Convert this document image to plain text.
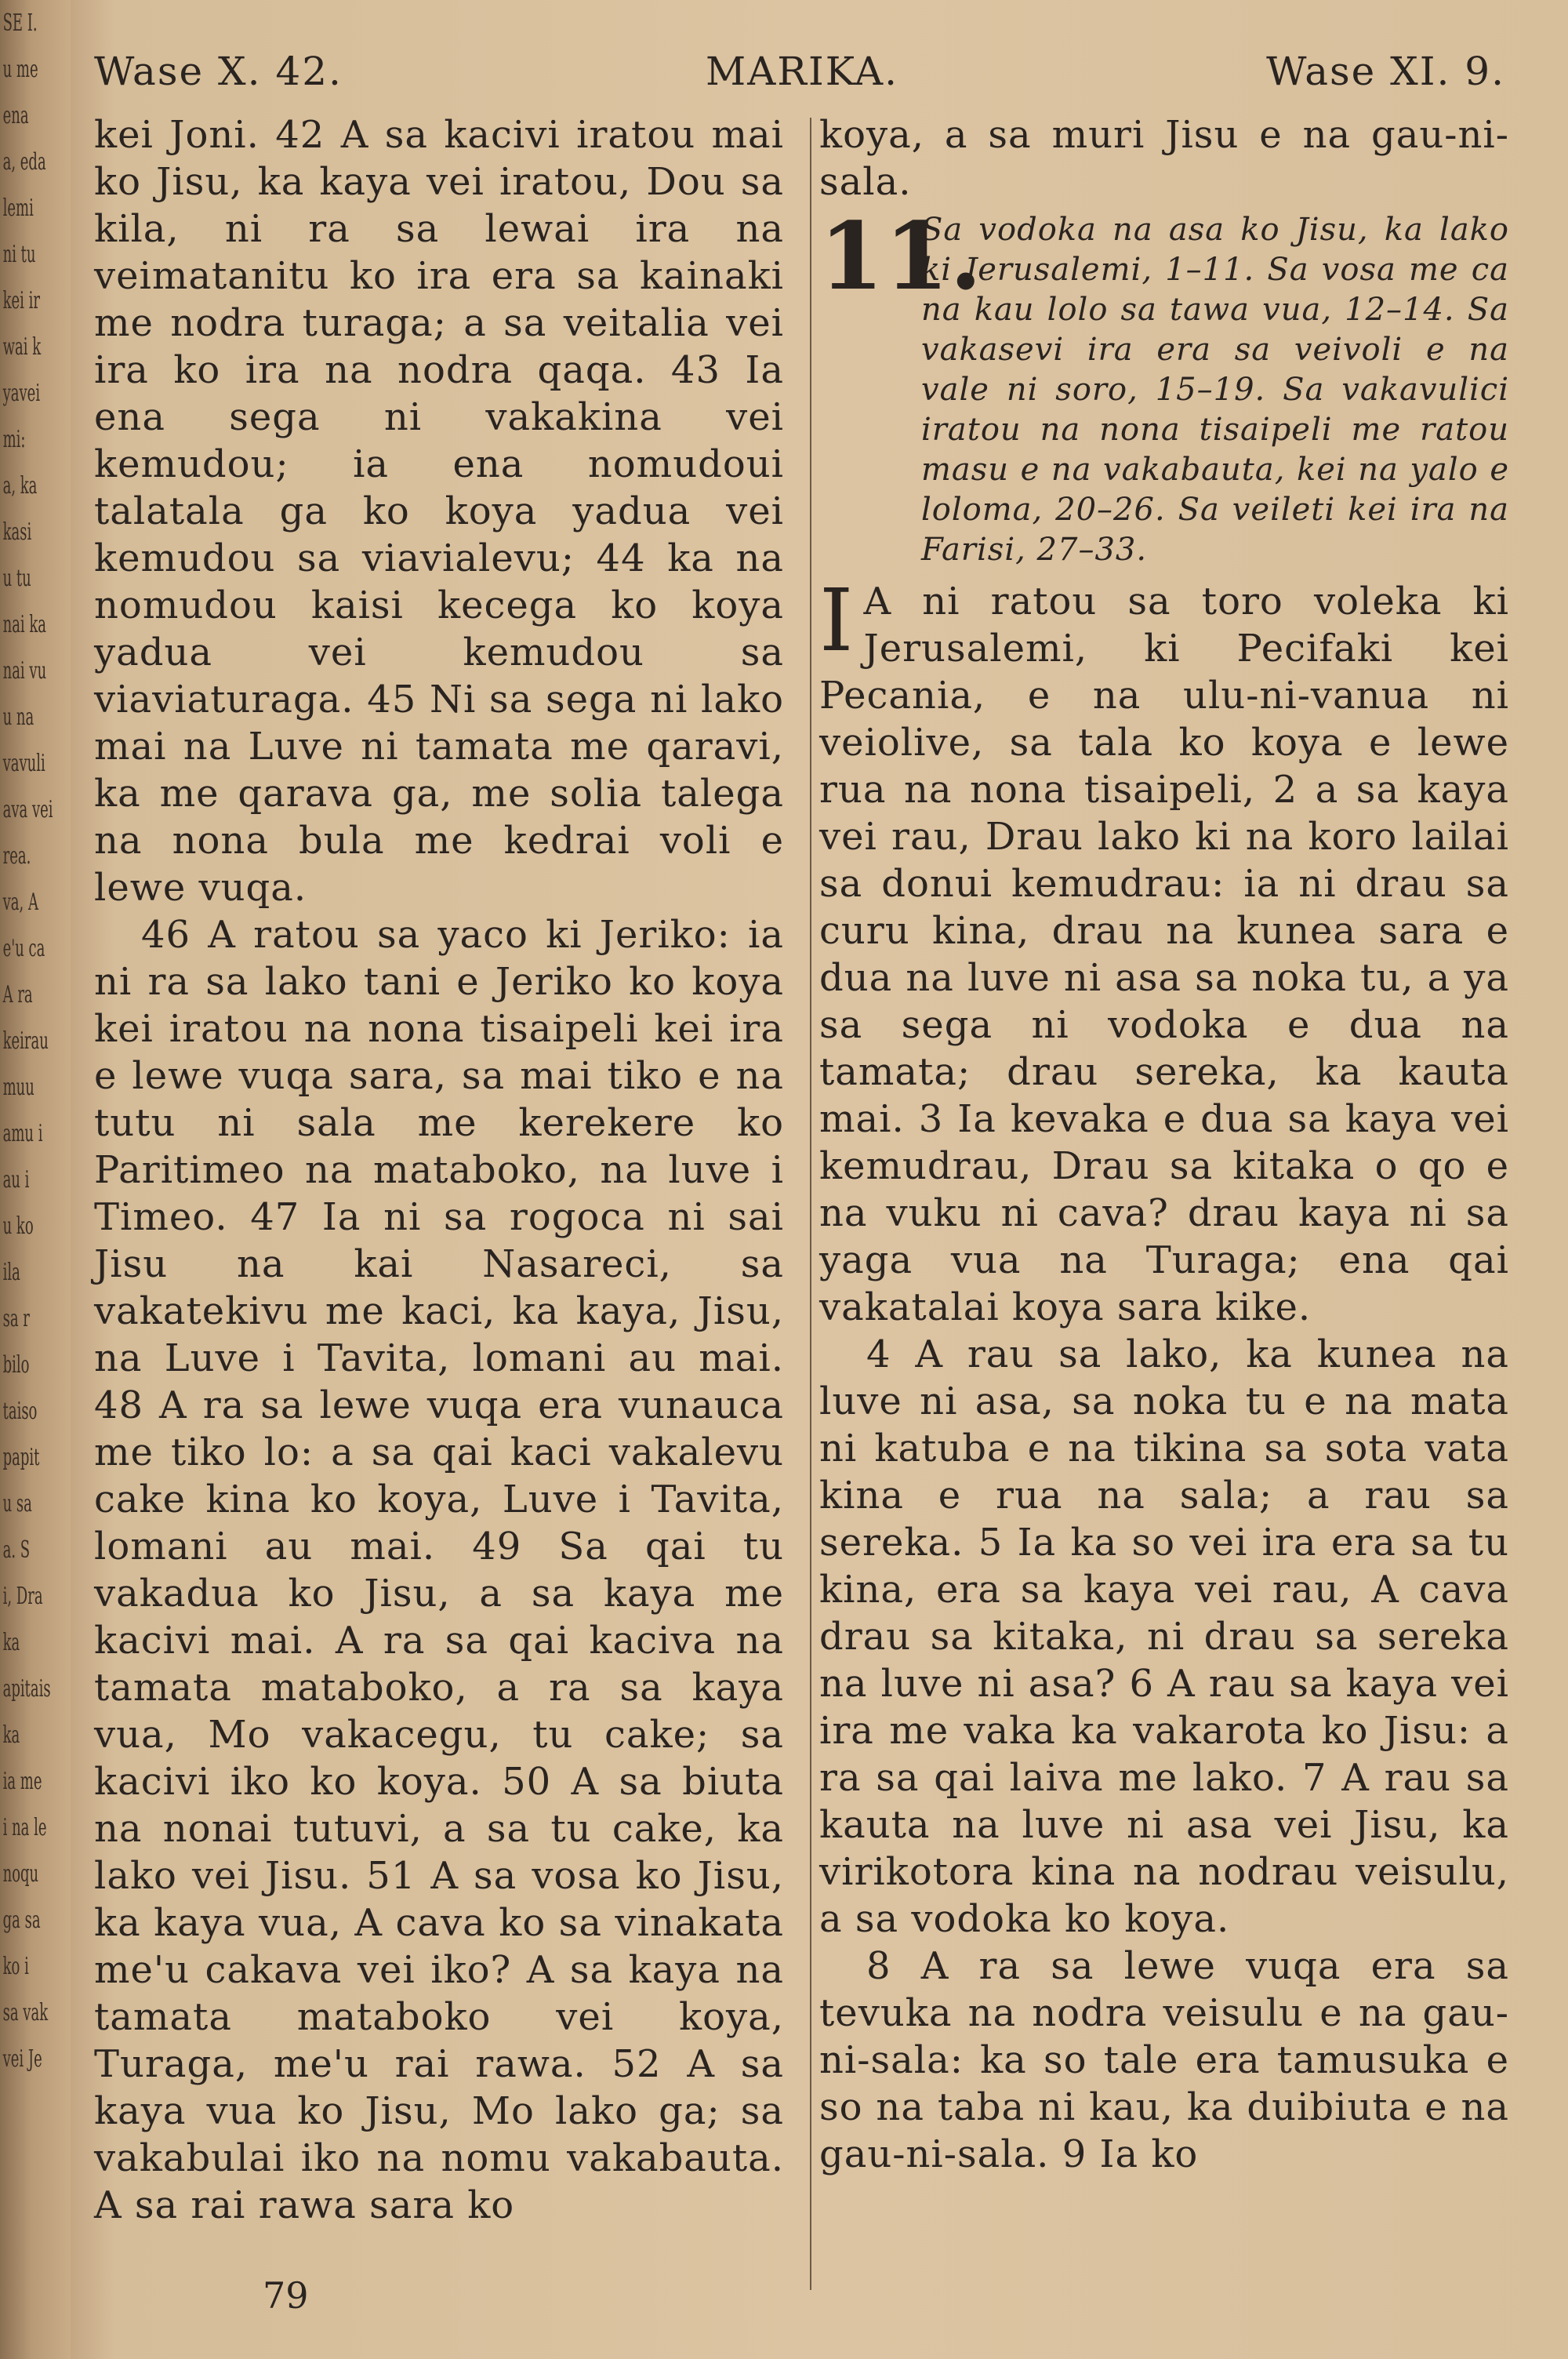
SE I.
u me
ena
a, eda
lemi
ni tu
kei ir
wai k
yavei
mi:
a, ka
kasi
u tu
nai ka
nai vu
u na
vavuli
ava vei
rea.
va, A
e'u ca
A ra
keirau
muu
amu i
au i
u ko
ila
sa r
bilo
taiso
papit
u sa
a. S
i, Dra
ka
apitais
ka
ia me
i na le
noqu
ga sa
ko i
sa vak
vei Je
Wase X. 42.	MARIKA.	Wase XI. 9.

kei Joni. 42 A sa kacivi iratou mai ko Jisu, ka kaya vei iratou, Dou sa kila, ni ra sa lewai ira na veimatanitu ko ira era sa kainaki me nodra turaga; a sa veitalia vei ira ko ira na nodra qaqa. 43 Ia ena sega ni vakakina vei kemudou; ia ena nomudoui talatala ga ko koya yadua vei kemudou sa viavialevu; 44 ka na nomudou kaisi kecega ko koya yadua vei kemudou sa viaviaturaga. 45 Ni sa sega ni lako mai na Luve ni tamata me qaravi, ka me qarava ga, me solia talega na nona bula me kedrai voli e lewe vuqa.

46 A ratou sa yaco ki Jeriko: ia ni ra sa lako tani e Jeriko ko koya kei iratou na nona tisaipeli kei ira e lewe vuqa sara, sa mai tiko e na tutu ni sala me kerekere ko Paritimeo na mataboko, na luve i Timeo. 47 Ia ni sa rogoca ni sai Jisu na kai Nasareci, sa vakatekivu me kaci, ka kaya, Jisu, na Luve i Tavita, lomani au mai. 48 A ra sa lewe vuqa era vunauca me tiko lo: a sa qai kaci vakalevu cake kina ko koya, Luve i Tavita, lomani au mai. 49 Sa qai tu vakadua ko Jisu, a sa kaya me kacivi mai. A ra sa qai kaciva na tamata mataboko, a ra sa kaya vua, Mo vakacegu, tu cake; sa kacivi iko ko koya. 50 A sa biuta na nonai tutuvi, a sa tu cake, ka lako vei Jisu. 51 A sa vosa ko Jisu, ka kaya vua, A cava ko sa vinakata me'u cakava vei iko? A sa kaya na tamata mataboko vei koya, Turaga, me'u rai rawa. 52 A sa kaya vua ko Jisu, Mo lako ga; sa vakabulai iko na nomu vakabauta. A sa rai rawa sara ko

koya, a sa muri Jisu e na gau-ni-sala.

11.
Sa vodoka na asa ko Jisu, ka lako ki Jerusalemi, 1–11. Sa vosa me ca na kau lolo sa tawa vua, 12–14. Sa vakasevi ira era sa veivoli e na vale ni soro, 15–19. Sa vakavulici iratou na nona tisaipeli me ratou masu e na vakabauta, kei na yalo e loloma, 20–26. Sa veileti kei ira na Farisi, 27–33.

I A ni ratou sa toro voleka ki Jerusalemi, ki Pecifaki kei Pecania, e na ulu-ni-vanua ni veiolive, sa tala ko koya e lewe rua na nona tisaipeli, 2 a sa kaya vei rau, Drau lako ki na koro lailai sa donui kemudrau: ia ni drau sa curu kina, drau na kunea sara e dua na luve ni asa sa noka tu, a ya sa sega ni vodoka e dua na tamata; drau sereka, ka kauta mai. 3 Ia kevaka e dua sa kaya vei kemudrau, Drau sa kitaka o qo e na vuku ni cava? drau kaya ni sa yaga vua na Turaga; ena qai vakatalai koya sara kike.

4 A rau sa lako, ka kunea na luve ni asa, sa noka tu e na mata ni katuba e na tikina sa sota vata kina e rua na sala; a rau sa sereka. 5 Ia ka so vei ira era sa tu kina, era sa kaya vei rau, A cava drau sa kitaka, ni drau sa sereka na luve ni asa? 6 A rau sa kaya vei ira me vaka ka vakarota ko Jisu: a ra sa qai laiva me lako. 7 A rau sa kauta na luve ni asa vei Jisu, ka virikotora kina na nodrau veisulu, a sa vodoka ko koya.

8 A ra sa lewe vuqa era sa tevuka na nodra veisulu e na gau-ni-sala: ka so tale era tamusuka e so na taba ni kau, ka duibiuta e na gau-ni-sala. 9 Ia ko

79
